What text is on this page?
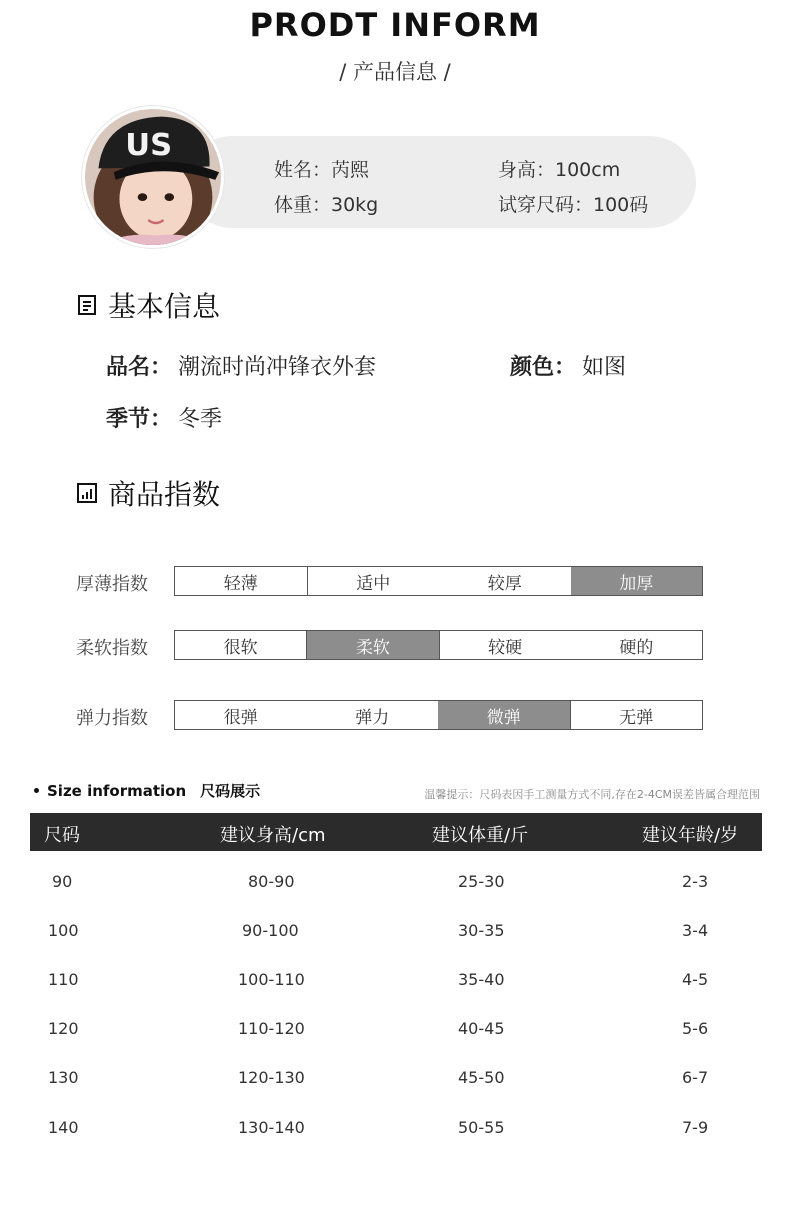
PRODT INFORM
/ 产品信息 /
US
姓名：芮熙	身高：100cm
体重：30kg	试穿尺码：100码
基本信息
品名： 潮流时尚冲锋衣外套	颜色： 如图
季节： 冬季
商品指数
厚薄指数	轻薄	适中	较厚	加厚
柔软指数	很软	柔软	较硬	硬的
弹力指数	很弹	弹力	微弹	无弹
Size information 尺码展示	温馨提示：尺码表因手工测量方式不同,存在2-4CM误差皆属合理范围
尺码	建议身高/cm	建议体重/斤	建议年龄/岁
90	80-90	25-30	2-3
100	90-100	30-35	3-4
110	100-110	35-40	4-5
120	110-120	40-45	5-6
130	120-130	45-50	6-7
140	130-140	50-55	7-9
